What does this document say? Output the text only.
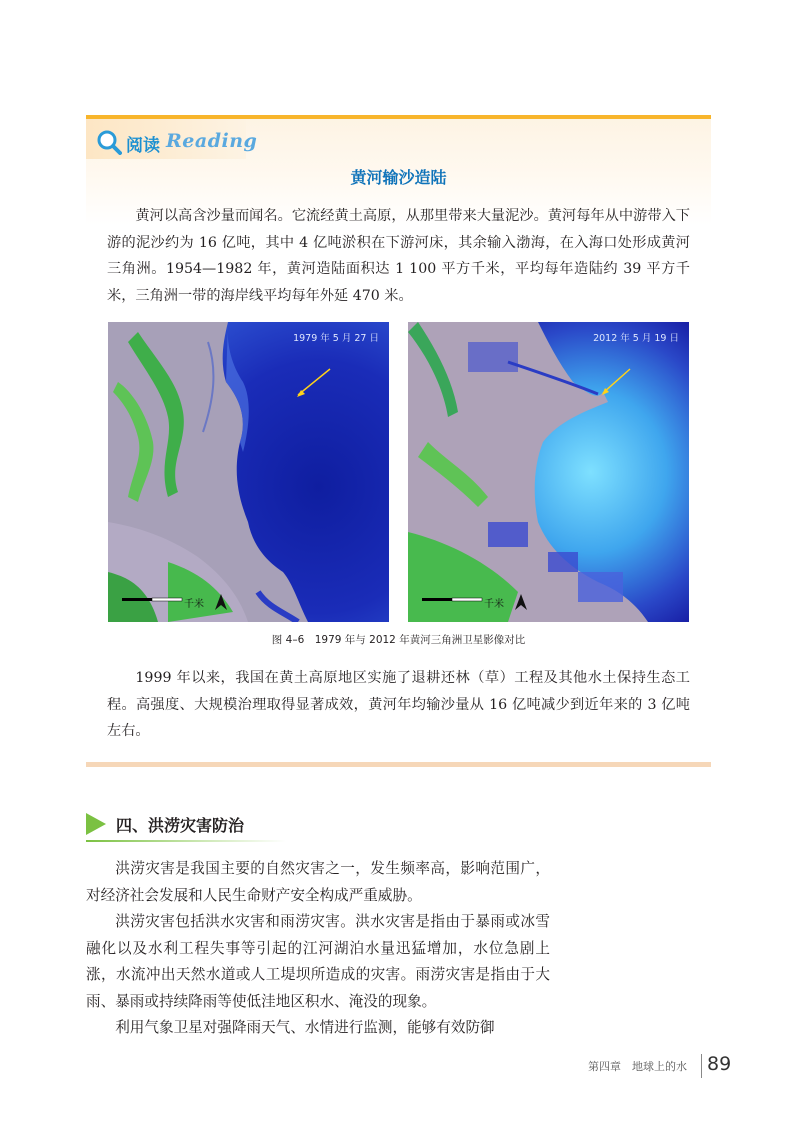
阅读 Reading
黄河输沙造陆

黄河以高含沙量而闻名。它流经黄土高原，从那里带来大量泥沙。黄河每年从中游带入下游的泥沙约为 16 亿吨，其中 4 亿吨淤积在下游河床，其余输入渤海，在入海口处形成黄河三角洲。1954—1982 年，黄河造陆面积达 1 100 平方千米，平均每年造陆约 39 平方千米，三角洲一带的海岸线平均每年外延 470 米。

1979 年 5 月 27 日
千米
2012 年 5 月 19 日
千米
图 4–6　1979 年与 2012 年黄河三角洲卫星影像对比

1999 年以来，我国在黄土高原地区实施了退耕还林（草）工程及其他水土保持生态工程。高强度、大规模治理取得显著成效，黄河年均输沙量从 16 亿吨减少到近年来的 3 亿吨左右。

四、洪涝灾害防治

洪涝灾害是我国主要的自然灾害之一，发生频率高，影响范围广，对经济社会发展和人民生命财产安全构成严重威胁。

洪涝灾害包括洪水灾害和雨涝灾害。洪水灾害是指由于暴雨或冰雪融化以及水利工程失事等引起的江河湖泊水量迅猛增加，水位急剧上涨，水流冲出天然水道或人工堤坝所造成的灾害。雨涝灾害是指由于大雨、暴雨或持续降雨等使低洼地区积水、淹没的现象。

利用气象卫星对强降雨天气、水情进行监测，能够有效防御

第四章　地球上的水 89
